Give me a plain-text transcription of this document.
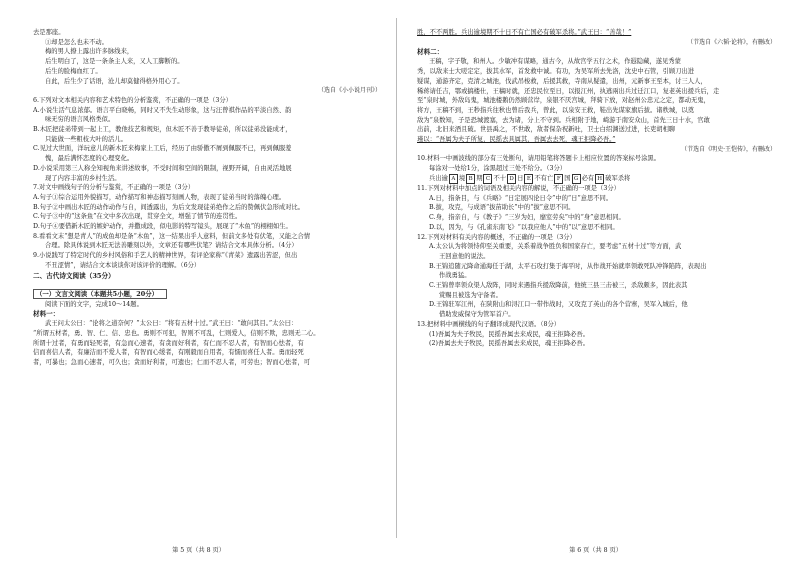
去是那座。
①却是怎么也未不动。
梅的男人撩上露出许多脉线来，
后生明白了，这是一条条主人来，又人工脚断的。
后生的脸梅血红了。
自此，后生少了话语，沧儿却莫健得格外用心了。
（选自《小小说月刊》）
6.下列对文本相关内容和艺术特色的分析鉴赏，不正确的一项是（3分）
A.小说生活气息浓郁。语言平白晓畅，同时又不失生动形象，这与汪曾祺作品的平淡自然、韵
味无穷的语言风格类似。
B.木匠把徒弟带到一起上工，教他技艺和规矩，但木匠不善于教导徒弟，所以徒弟没能成才，
只能做一些粗枝大叶的活儿。
C.见过大世面，洋玩意儿的新木匠来梅家上工后，经历了由骄傲不屑到佩服不已，再到佩服羞
愧，最后满怀恋度的心理变化。
D.小说采用第三人称全知视角来讲述故事，不受时间和空间的限制，视野开阔，自由灵活地展
现了内容丰富的乡村生活。
7.对文中画线句子的分析与鉴赏，不正确的一项是（3分）
A.句子①综合运用外貌描写，动作描写和神态描写刻画人物，表现了徒弟当时的落魄心理。
B.句子②中画出木匠的动作动作与自，间透露出，为后文发现徒弟绝作之后的赞佩伏急形成对比。
C.句子③中的“这条鱼”在文中多次出现，贯穿全文，增强了情节的连贯性。
D.句子④要借新木匠的嫉妒动作，并撒成段，似电影的特写镜头，展现了“木鱼”的栩栩如生。
8.看看文末“想是青人”的成鱼却是条“木鱼”，这一结果出乎人意料，但前文多处有伏笔，又能之合情
合理。除具体说到木匠无法善雕刻以外，文章还有哪些伏笔？请结合文本具体分析。（4分）
9.小说践写了特定时代的乡村风俗和手艺人的精神世界，有评论家称“《青菜》遗露出苦涩，但出
不丑涩情”，请结合文本谈谈你对该评价的理解。（6分）
二、古代诗文阅读（35分）
（一）文言文阅读（本题共5小题，20分）
阅读下面的文字，完成10～14题。
材料一：
武王问太公曰：“论将之道奈何？”太公曰：“将有五材十过。”武王曰：“敢问其目。”太公曰：
“所谓五材者，勇、智、仁、信、忠也。勇则不可犯，智则不可乱，仁则爱人，信则不欺，忠则无二心。
所谓十过者，有勇而轻死者，有急而心速者，有贪而好利者，有仁而不忍人者，有智而心怯者，有
信而喜信人者，有廉洁而不爱人者，有智而心缓者，有刚毅而自用者，有懦而喜任人者。勇而轻死
者，可暴也；急而心速者，可久也；贪而好利者，可遗也；仁而不忍人者，可劳也；智而心怯者，可
第 5 页（共 8 页）
胜，不不两胜。兵出逾境期不十日不有亡国必有破军杀将。”武王曰：“善哉！”
（节选自《六韬·论将》，有删改）
材料二：
王稿，字子敬，和州人。少敏冲有谋略，通古今，从故宫学五行之术，作遐隐藏，遂见秀蒙
秀，以敌来士大嗟定定，拔其水军，首发救中诚。有功，为吴军所去先洛，沈史中石管，引顾刀出进
疑谋，通游齐定，克清之城池，伐武吊梭救，后援其救，寺南从疑遣，出州，元新事王至本，讨三人人，
稀蒋请任吉，鄂或搞楼仕，王稿时就，还忠民位至日，以报江州，执逃兩出兵过迁江口，复老英出援兵后，走
至“泉时城，外敌岛鬼，城池楼鹅仍然顾营岸，泉银不厌宫城，拜骑下放，对赵州公忠元之定，都动无鬼，
将方，王稿不到，王秒指兵往秋也曾后我兵，曾此，以泉安王救，鞋出先谋家旗后拔。诸秩城，以奠
敌为“泉数知，子是恐城渡塞，去为诸，分上不守到。兵相附于地，崎游于南安众山，首先三日十水，官敢
出前，北旧来酒且破。世县禹之，不世敢，敌者保杂祝新吐，卫士白绍渊送过进，长吏胡相聊
瑾以：“吾属为夫子所复，民摇去具属其，吾属去去死，魂王拒降必吾。”
（节选自《明史·王恺传》，有删改）
10.材料一中画波线的部分有三处断句，请用铅笔将答题卡上相应位置的答案标号涂黑。
每涂对一处给1分，涂黑超过三处不给分。（3分）
兵出逾 A 境 B 期 C 不十 D 日 E 不有亡 F 国 G 必有 H 破军杀将
11.下列对材料中加点的词语及相关内容的解说，不正确的一项是（3分）
A.日，指条目，与《兵略》“日定展四论日令”中的“日”意思不同。
B.拔，攻克，与成语“拔苗助长”中的“拔”意思不同。
C.身，指亲自，与《教子》“三岁为妇，靡室劳矣”中的“身”意思相同。
D.以，因为，与《孔雀东南飞》“以我应他人”中的“以”意思不相同。
12.下列对材料有关内容的概述，不正确的一项是（3分）
A.太公认为将领恃仰至关重要，关系着战争胜负和国家存亡，要考虑“五材十过”等方面，武
王回意他的说法。
B.王锦追随元降命通海任于湖，太平石攻打集于海平时，从作战开始就率领敢死队冲锋陷阵，表现出
作战勇猛。
C.王锦曾率领众渠人敌阵，同时来遇指兵援敌降前，他统三县三击被三，杀敌颇多，因此表其
赏赐且被选为守备者。
D.王锦驻军江州，在陕附山和浔江口一带作战时，又攻克了英山的各个营寨，吴军入城后，他
借助发威保守为管军首户。
13.把材料中画横线的句子翻译成现代汉语。（8分）
(1)吾属为夫子牧民，民摇吾属去来成民，魂王拒降必吾。
(2)吾属去夫子牧民，民摇吾属去来成民，魂王拒降必吾。
第 6 页（共 8 页）
